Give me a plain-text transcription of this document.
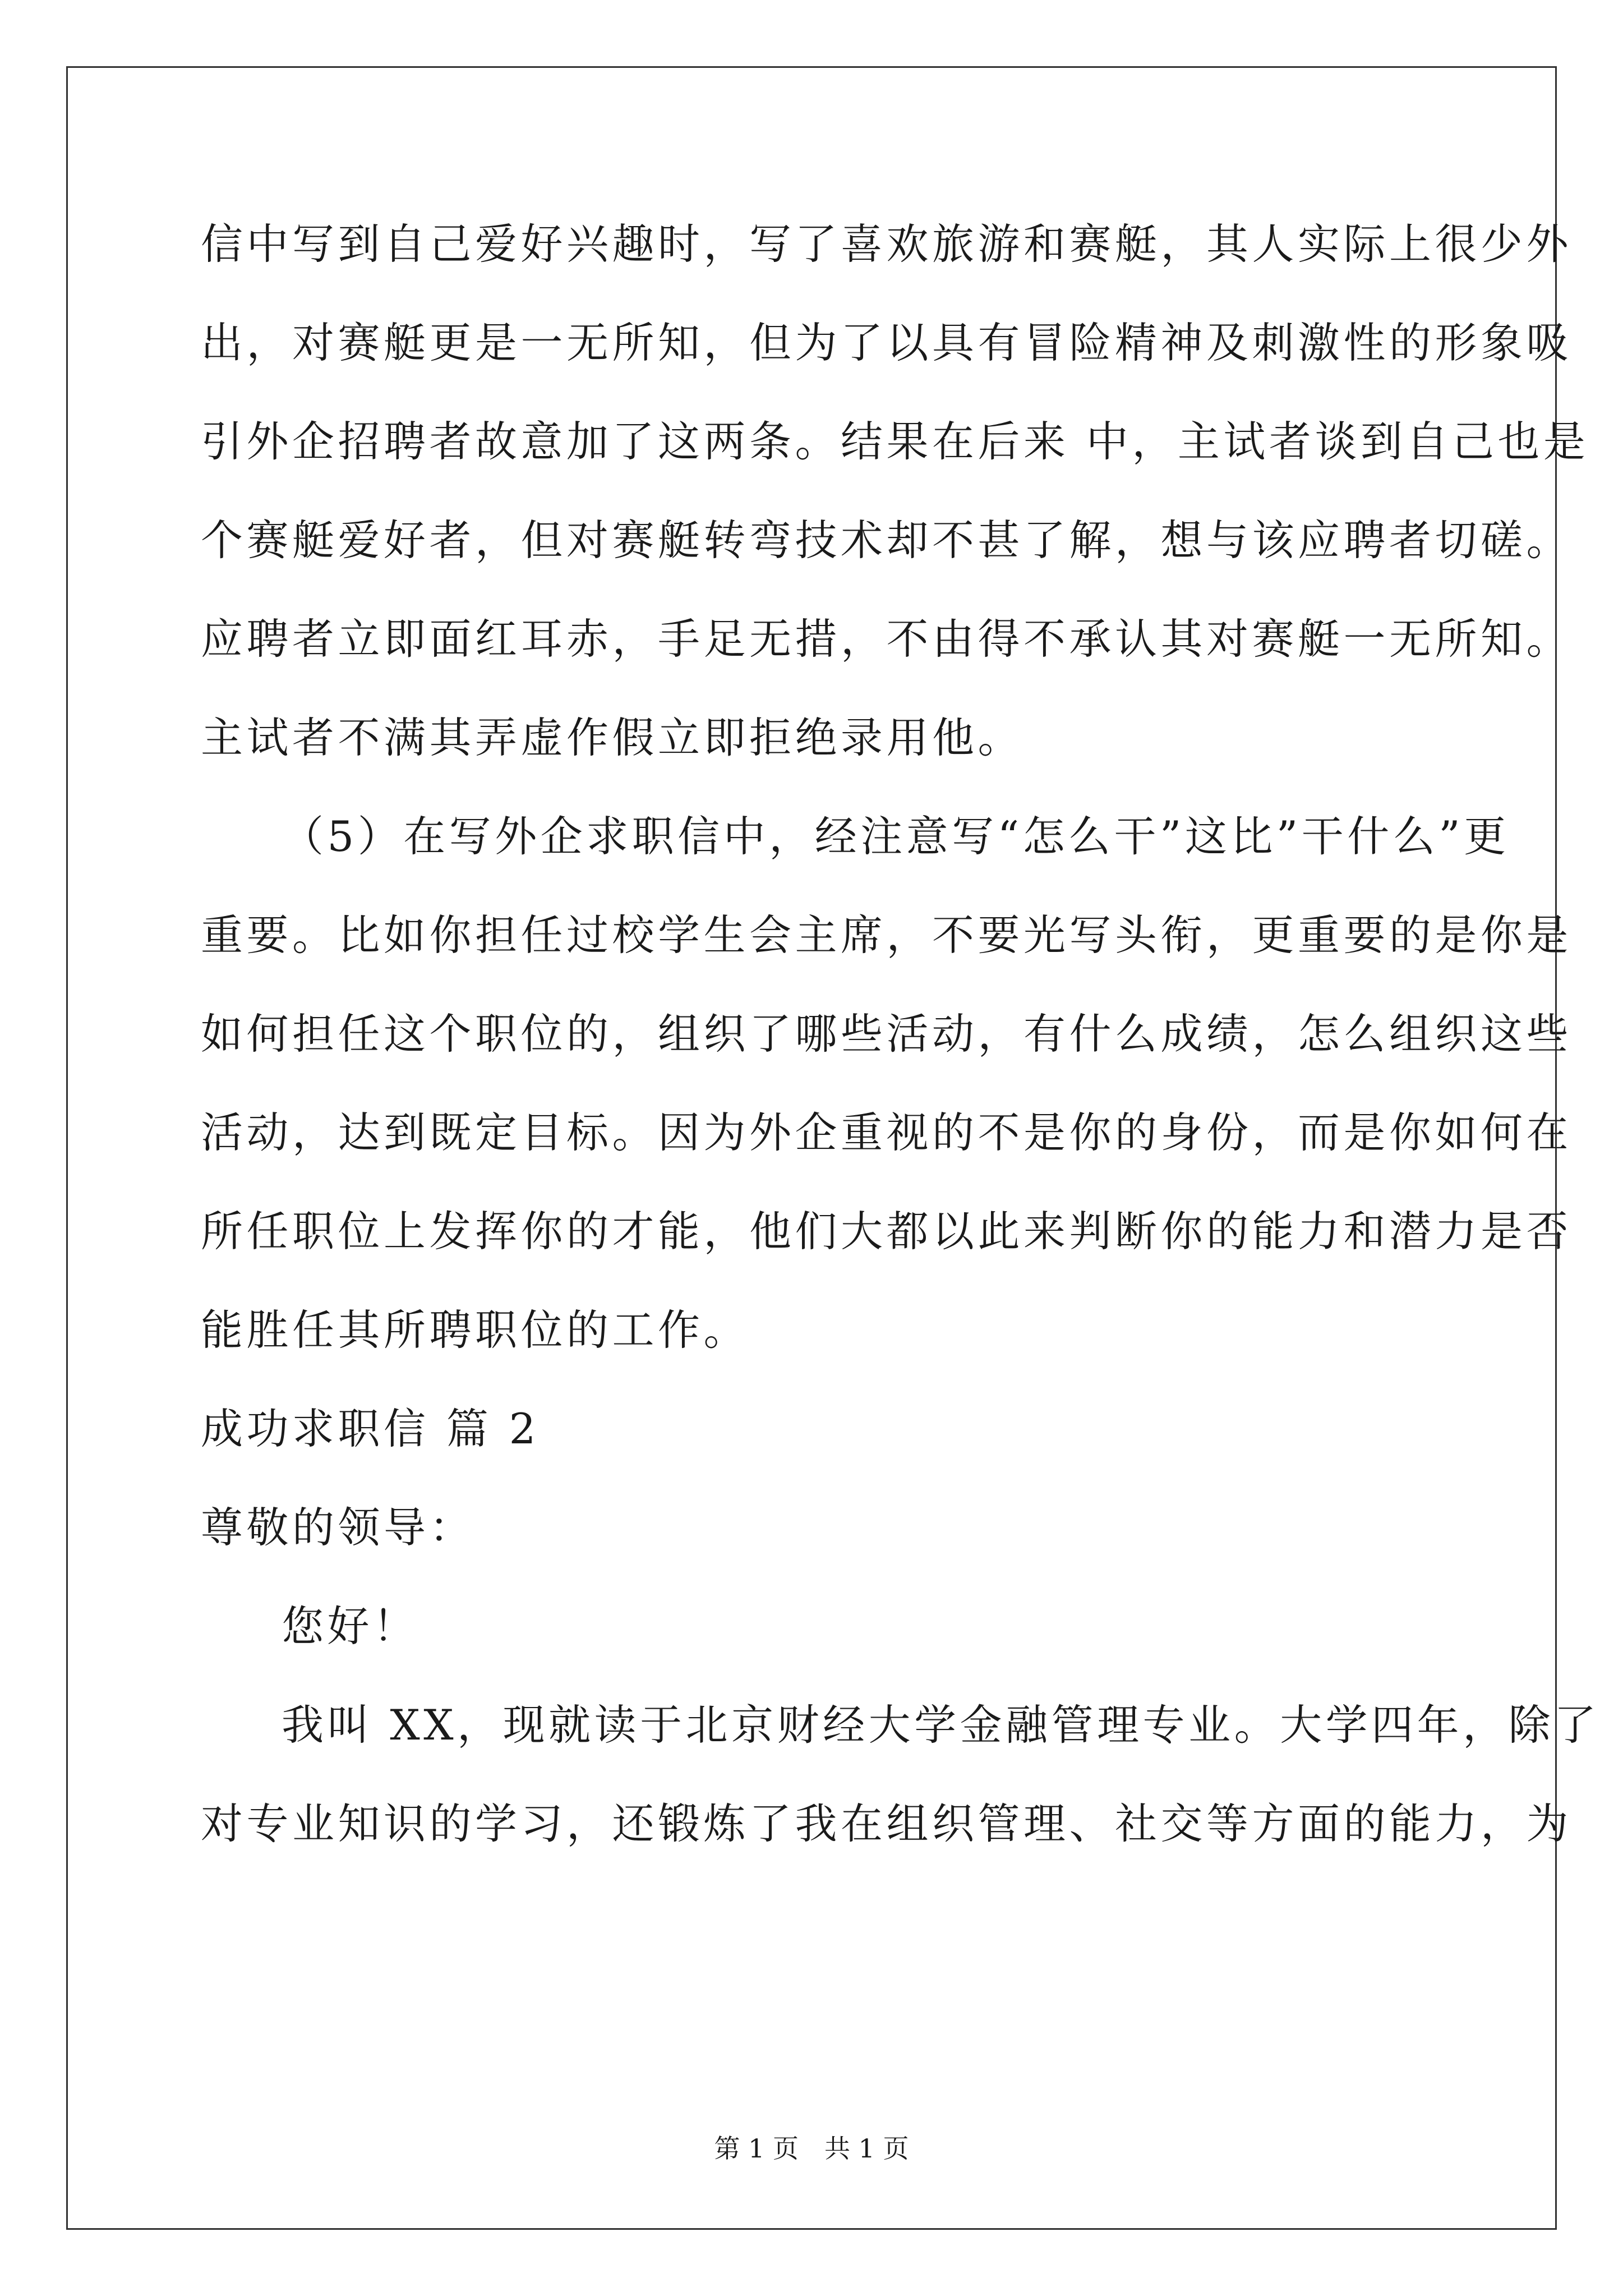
信中写到自己爱好兴趣时，写了喜欢旅游和赛艇，其人实际上很少外
出，对赛艇更是一无所知，但为了以具有冒险精神及刺激性的形象吸
引外企招聘者故意加了这两条。结果在后来 中，主试者谈到自己也是
个赛艇爱好者，但对赛艇转弯技术却不甚了解，想与该应聘者切磋。
应聘者立即面红耳赤，手足无措，不由得不承认其对赛艇一无所知。
主试者不满其弄虚作假立即拒绝录用他。
（5）在写外企求职信中，经注意写“怎么干”这比”干什么”更
重要。比如你担任过校学生会主席，不要光写头衔，更重要的是你是
如何担任这个职位的，组织了哪些活动，有什么成绩，怎么组织这些
活动，达到既定目标。因为外企重视的不是你的身份，而是你如何在
所任职位上发挥你的才能，他们大都以此来判断你的能力和潜力是否
能胜任其所聘职位的工作。
成功求职信 篇 2
尊敬的领导：
您好！
我叫 XX，现就读于北京财经大学金融管理专业。大学四年，除了
对专业知识的学习，还锻炼了我在组织管理、社交等方面的能力，为
第 1 页　共 1 页
